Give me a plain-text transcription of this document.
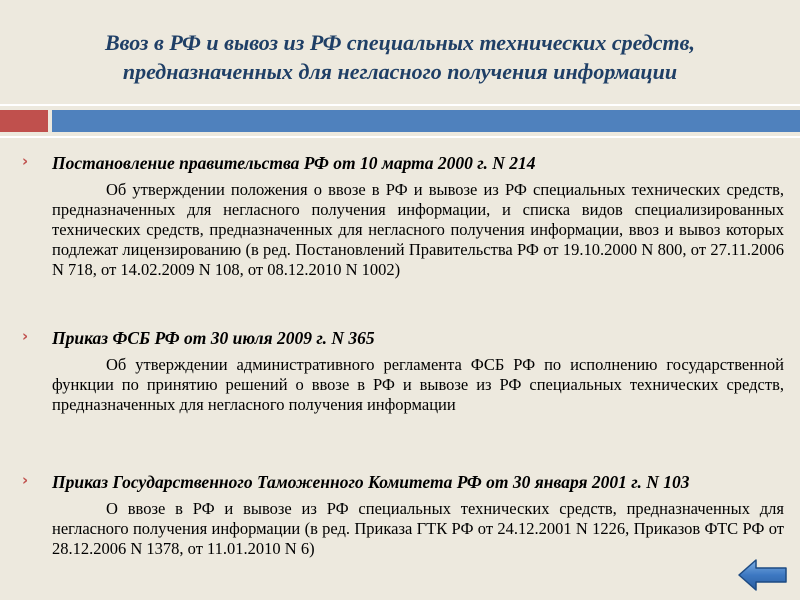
Ввоз в РФ и вывоз из РФ специальных технических средств, предназначенных для негласного получения информации
› Постановление правительства РФ от 10 марта 2000 г. N 214
Об утверждении положения о ввозе в РФ и вывозе из РФ специальных технических средств, предназначенных для негласного получения информации, и списка видов специализированных технических средств, предназначенных для негласного получения информации, ввоз и вывоз которых подлежат лицензированию (в ред. Постановлений Правительства РФ от 19.10.2000 N 800, от 27.11.2006 N 718, от 14.02.2009 N 108, от 08.12.2010 N 1002)
› Приказ ФСБ РФ от 30 июля 2009 г. N 365
Об утверждении административного регламента ФСБ РФ по исполнению государственной функции по принятию решений о ввозе в РФ и вывозе из РФ специальных технических средств, предназначенных для негласного получения информации
› Приказ Государственного Таможенного Комитета РФ от 30 января 2001 г. N 103
О ввозе в РФ и вывозе из РФ специальных технических средств, предназначенных для негласного получения информации (в ред. Приказа ГТК РФ от 24.12.2001 N 1226, Приказов ФТС РФ от 28.12.2006 N 1378, от 11.01.2010 N 6)
